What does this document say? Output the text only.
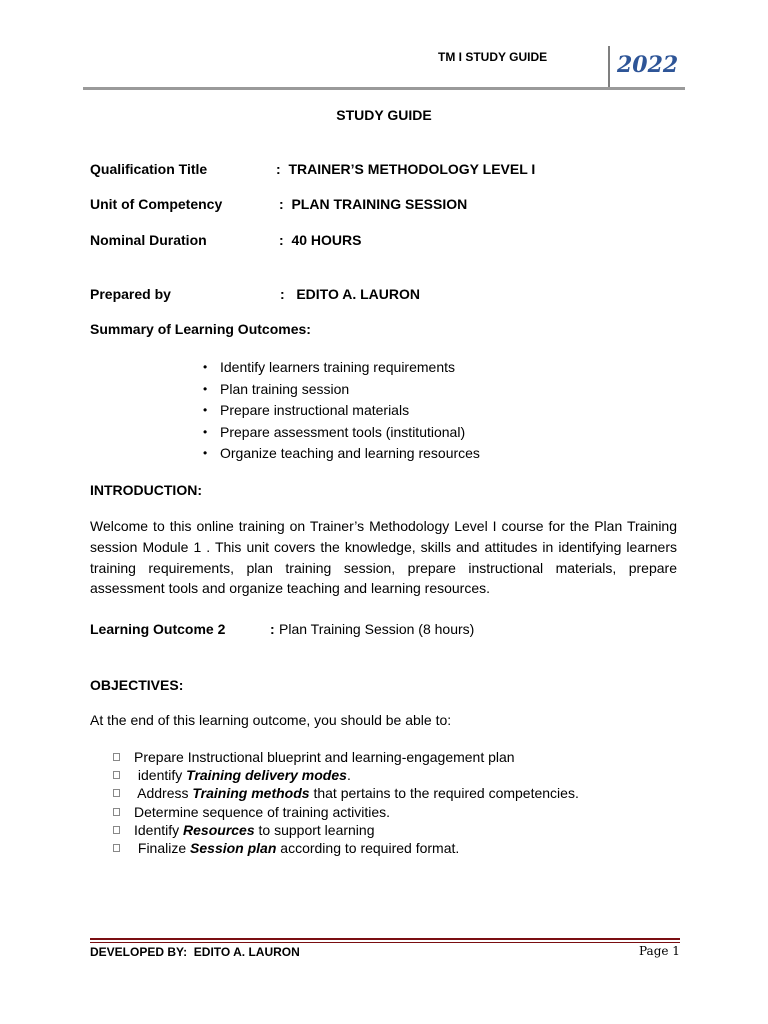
TM I STUDY GUIDE	2022
STUDY GUIDE
Qualification Title	:  TRAINER’S METHODOLOGY LEVEL I
Unit of Competency	:  PLAN TRAINING SESSION
Nominal Duration	:  40 HOURS
Prepared by	:   EDITO A. LAURON
Summary of Learning Outcomes:
• Identify learners training requirements
• Plan training session
• Prepare instructional materials
• Prepare assessment tools (institutional)
• Organize teaching and learning resources
INTRODUCTION:
Welcome to this online training on Trainer’s Methodology Level I course for the Plan Training session Module 1 . This unit covers the knowledge, skills and attitudes in identifying learners training requirements, plan training session, prepare instructional materials, prepare assessment tools and organize teaching and learning resources.
Learning Outcome 2	: Plan Training Session (8 hours)
OBJECTIVES:
At the end of this learning outcome, you should be able to:
Prepare Instructional blueprint and learning-engagement plan
identify Training delivery modes.
Address Training methods that pertains to the required competencies.
Determine sequence of training activities.
Identify Resources to support learning
Finalize Session plan according to required format.
DEVELOPED BY:  EDITO A. LAURON	Page 1
